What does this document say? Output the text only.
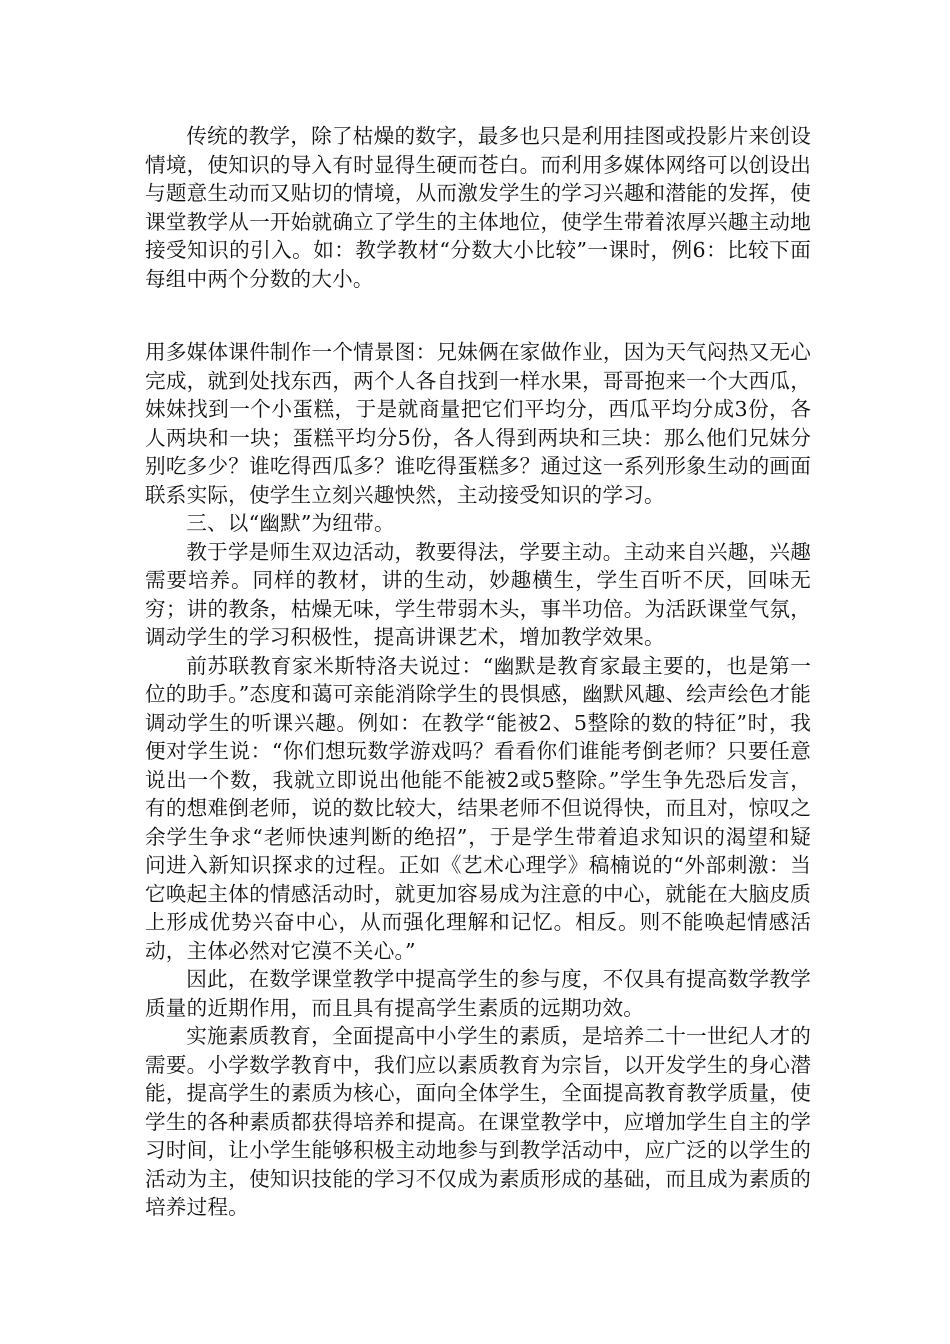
传统的教学，除了枯燥的数字，最多也只是利用挂图或投影片来创设情境，使知识的导入有时显得生硬而苍白。而利用多媒体网络可以创设出与题意生动而又贴切的情境，从而激发学生的学习兴趣和潜能的发挥，使课堂教学从一开始就确立了学生的主体地位，使学生带着浓厚兴趣主动地接受知识的引入。如：教学教材“分数大小比较”一课时，例6：比较下面每组中两个分数的大小。

用多媒体课件制作一个情景图：兄妹俩在家做作业，因为天气闷热又无心完成，就到处找东西，两个人各自找到一样水果，哥哥抱来一个大西瓜，妹妹找到一个小蛋糕，于是就商量把它们平均分，西瓜平均分成3份，各人两块和一块；蛋糕平均分5份，各人得到两块和三块：那么他们兄妹分别吃多少？谁吃得西瓜多？谁吃得蛋糕多？通过这一系列形象生动的画面联系实际，使学生立刻兴趣怏然，主动接受知识的学习。

三、以“幽默”为纽带。

教于学是师生双边活动，教要得法，学要主动。主动来自兴趣，兴趣需要培养。同样的教材，讲的生动，妙趣横生，学生百听不厌，回味无穷；讲的教条，枯燥无味，学生带弱木头，事半功倍。为活跃课堂气氛，调动学生的学习积极性，提高讲课艺术，增加教学效果。

前苏联教育家米斯特洛夫说过：“幽默是教育家最主要的，也是第一位的助手。”态度和蔼可亲能消除学生的畏惧感，幽默风趣、绘声绘色才能调动学生的听课兴趣。例如：在教学“能被2、5整除的数的特征”时，我便对学生说：“你们想玩数学游戏吗？看看你们谁能考倒老师？只要任意说出一个数，我就立即说出他能不能被2或5整除。”学生争先恐后发言，有的想难倒老师，说的数比较大，结果老师不但说得快，而且对，惊叹之余学生争求“老师快速判断的绝招”，于是学生带着追求知识的渴望和疑问进入新知识探求的过程。正如《艺术心理学》稿楠说的“外部刺激：当它唤起主体的情感活动时，就更加容易成为注意的中心，就能在大脑皮质上形成优势兴奋中心，从而强化理解和记忆。相反。则不能唤起情感活动，主体必然对它漠不关心。”

因此，在数学课堂教学中提高学生的参与度，不仅具有提高数学教学质量的近期作用，而且具有提高学生素质的远期功效。

实施素质教育，全面提高中小学生的素质，是培养二十一世纪人才的需要。小学数学教育中，我们应以素质教育为宗旨，以开发学生的身心潜能，提高学生的素质为核心，面向全体学生，全面提高教育教学质量，使学生的各种素质都获得培养和提高。在课堂教学中，应增加学生自主的学习时间，让小学生能够积极主动地参与到教学活动中，应广泛的以学生的活动为主，使知识技能的学习不仅成为素质形成的基础，而且成为素质的培养过程。
